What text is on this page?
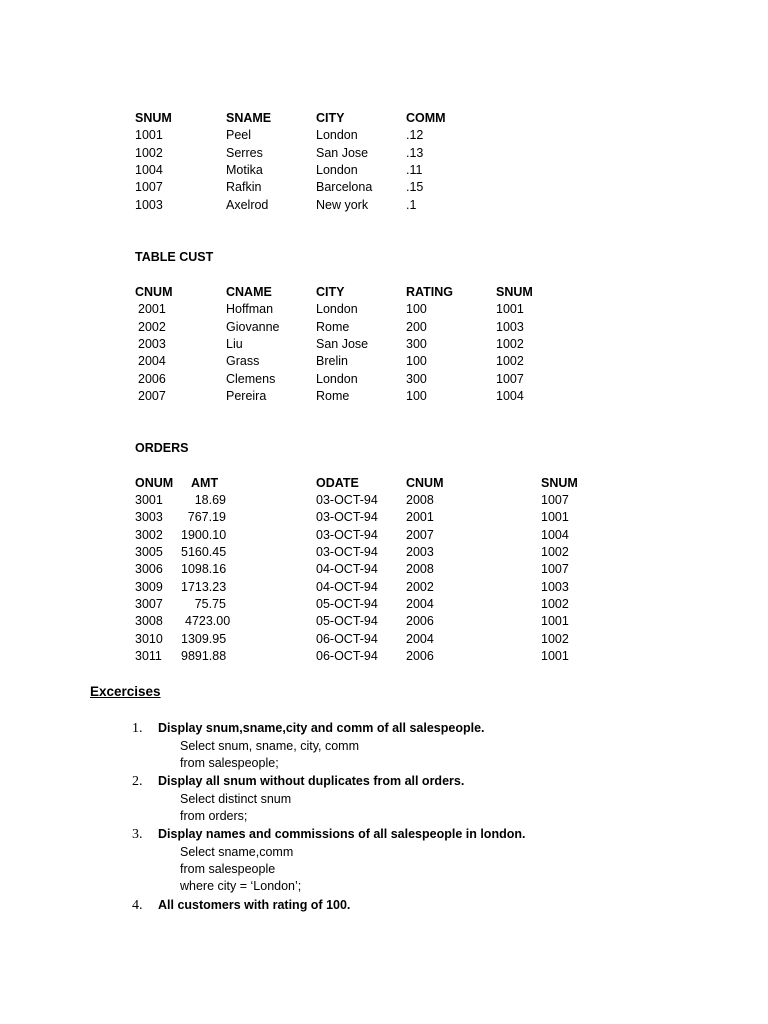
SNUM	SNAME	CITY	COMM
1001	Peel	London	.12
1002	Serres	San Jose	.13
1004	Motika	London	.11
1007	Rafkin	Barcelona	.15
1003	Axelrod	New york	.1
TABLE CUST
CNUM	CNAME	CITY	RATING	SNUM
2001	Hoffman	London	100	1001
2002	Giovanne	Rome	200	1003
2003	Liu	San Jose	300	1002
2004	Grass	Brelin	100	1002
2006	Clemens	London	300	1007
2007	Pereira	Rome	100	1004
ORDERS
ONUM AMT	ODATE	CNUM	SNUM
3001	18.69	03-OCT-94 2008	1007
3003	767.19	03-OCT-94 2001	1001
3002 1900.10	03-OCT-94 2007	1004
3005 5160.45	03-OCT-94 2003	1002
3006 1098.16	04-OCT-94 2008	1007
3009 1713.23	04-OCT-94 2002	1003
3007	75.75	05-OCT-94 2004	1002
3008 4723.00	05-OCT-94 2006	1001
3010 1309.95	06-OCT-94 2004	1002
3011 9891.88	06-OCT-94 2006	1001
Excercises
1. Display snum,sname,city and comm of all salespeople.
Select snum, sname, city, comm
from salespeople;
2. Display all snum without duplicates from all orders.
Select distinct snum
from orders;
3. Display names and commissions of all salespeople in london.
Select sname,comm
from salespeople
where city = ‘London’;
4. All customers with rating of 100.
